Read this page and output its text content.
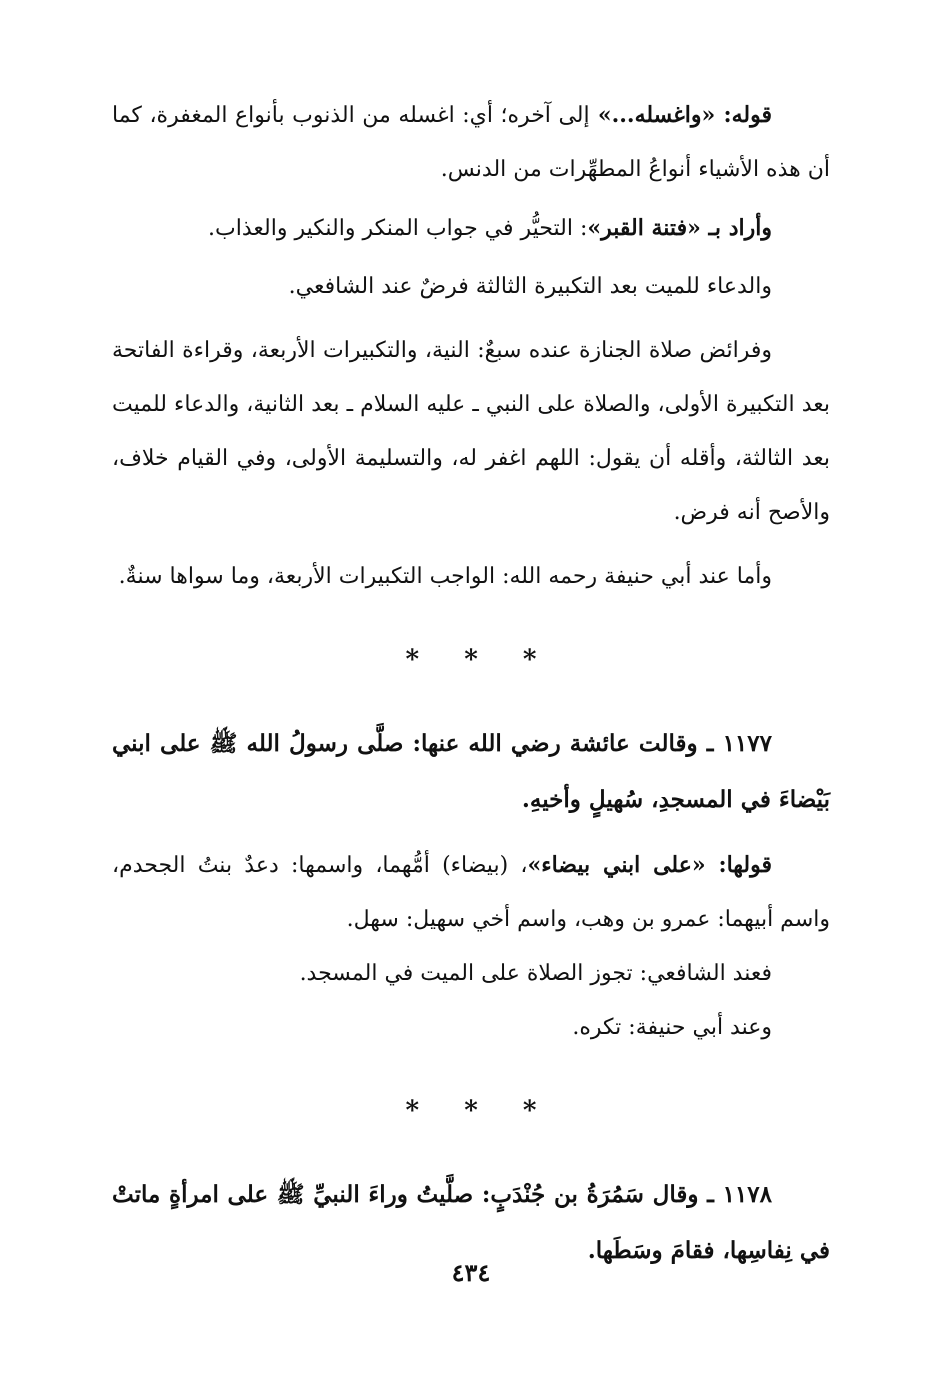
قوله: «واغسله...» إلى آخره؛ أي: اغسله من الذنوب بأنواع المغفرة، كما أن هذه الأشياء أنواعُ المطهِّرات من الدنس.

وأراد بـ «فتنة القبر»: التحيُّر في جواب المنكر والنكير والعذاب.

والدعاء للميت بعد التكبيرة الثالثة فرضٌ عند الشافعي.

وفرائض صلاة الجنازة عنده سبعٌ: النية، والتكبيرات الأربعة، وقراءة الفاتحة بعد التكبيرة الأولى، والصلاة على النبي ـ عليه السلام ـ بعد الثانية، والدعاء للميت بعد الثالثة، وأقله أن يقول: اللهم اغفر له، والتسليمة الأولى، وفي القيام خلاف، والأصح أنه فرض.

وأما عند أبي حنيفة رحمه الله: الواجب التكبيرات الأربعة، وما سواها سنةٌ.

* * *

١١٧٧ ـ وقالت عائشة رضي الله عنها: صلَّى رسولُ الله ﷺ على ابني بَيْضاءَ في المسجدِ، سُهيلٍ وأخيهِ.

قولها: «على ابني بيضاء»، (بيضاء) أمُّهما، واسمها: دعدٌ بنتُ الجحدم، واسم أبيهما: عمرو بن وهب، واسم أخي سهيل: سهل.

فعند الشافعي: تجوز الصلاة على الميت في المسجد.

وعند أبي حنيفة: تكره.

* * *

١١٧٨ ـ وقال سَمُرَةُ بن جُنْدَبٍ: صلَّيتُ وراءَ النبيِّ ﷺ على امرأةٍ ماتتْ في نِفاسِها، فقامَ وسَطَها.

٤٣٤
